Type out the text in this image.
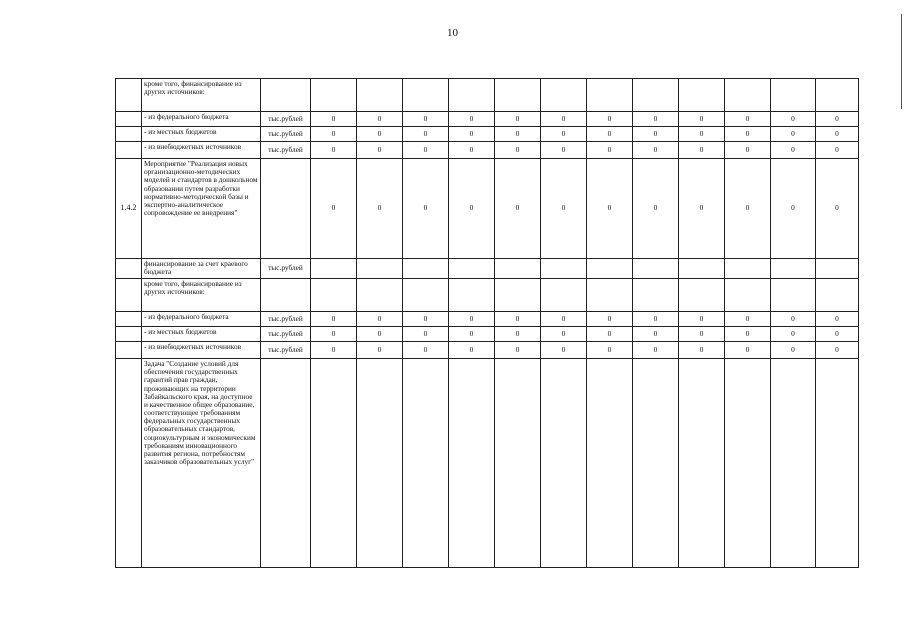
10
	кроме того, финансирование из других источников:													
	- из федерального бюджета	тыс.рублей	0	0	0	0	0	0	0	0	0	0	0	0
	- из местных бюджетов	тыс.рублей	0	0	0	0	0	0	0	0	0	0	0	0
	- из внебюджетных источников	тыс.рублей	0	0	0	0	0	0	0	0	0	0	0	0
1.4.2	Мероприятие "Реализация новых организационно-методических моделей и стандартов в дошкольном образовании путем разработки нормативно-методической базы и экспертно-аналитическое сопровождение ее внедрения"		0	0	0	0	0	0	0	0	0	0	0	0
	финансирование за счет краевого бюджета	тыс.рублей												
	кроме того, финансирование из других источников:													
	- из федерального бюджета	тыс.рублей	0	0	0	0	0	0	0	0	0	0	0	0
	- из местных бюджетов	тыс.рублей	0	0	0	0	0	0	0	0	0	0	0	0
	- из внебюджетных источников	тыс.рублей	0	0	0	0	0	0	0	0	0	0	0	0
	Задача "Создание условий для обеспечения государственных гарантий прав граждан, проживающих на территории Забайкальского края, на доступное и качественное общее образование, соответствующее требованиям федеральных государственных образовательных стандартов, социокультурным и экономическим требованиям инновационного развития региона, потребностям заказчиков образовательных услуг"													
